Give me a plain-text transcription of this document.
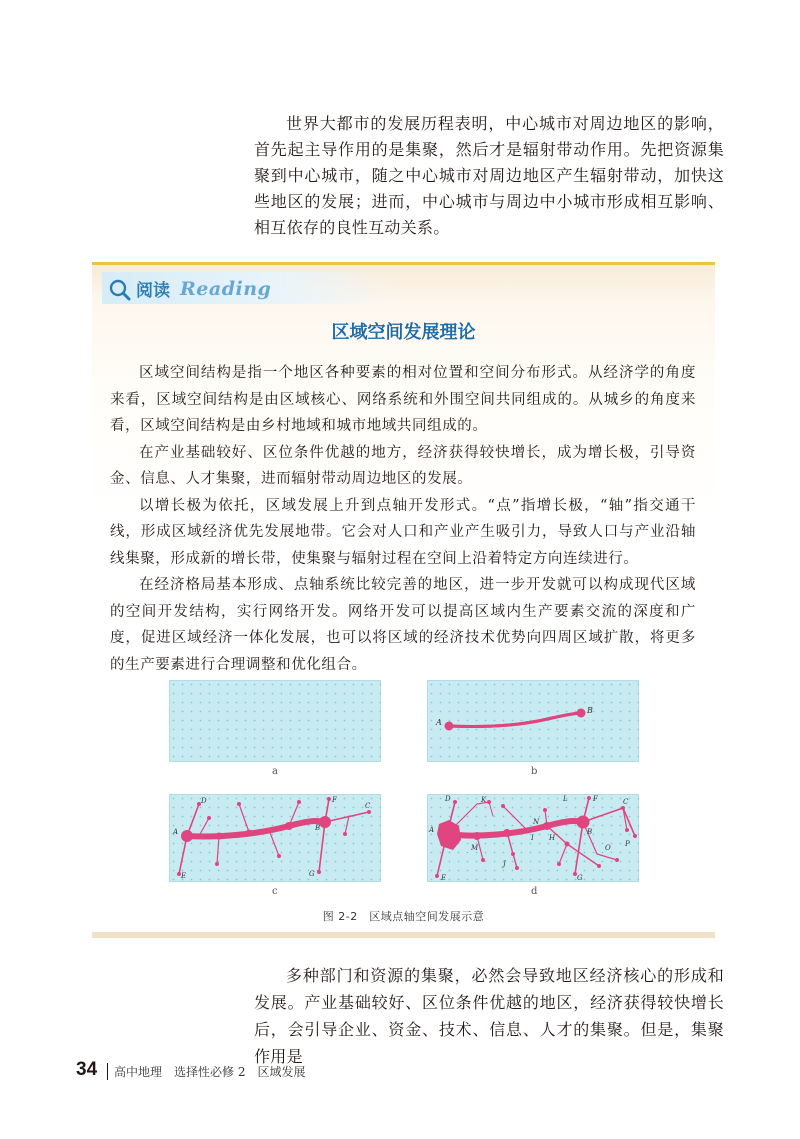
世界大都市的发展历程表明，中心城市对周边地区的影响，首先起主导作用的是集聚，然后才是辐射带动作用。先把资源集聚到中心城市，随之中心城市对周边地区产生辐射带动，加快这些地区的发展；进而，中心城市与周边中小城市形成相互影响、相互依存的良性互动关系。

阅读 Reading
区域空间发展理论

区域空间结构是指一个地区各种要素的相对位置和空间分布形式。从经济学的角度来看，区域空间结构是由区域核心、网络系统和外围空间共同组成的。从城乡的角度来看，区域空间结构是由乡村地域和城市地域共同组成的。

在产业基础较好、区位条件优越的地方，经济获得较快增长，成为增长极，引导资金、信息、人才集聚，进而辐射带动周边地区的发展。

以增长极为依托，区域发展上升到点轴开发形式。“点”指增长极，“轴”指交通干线，形成区域经济优先发展地带。它会对人口和产业产生吸引力，导致人口与产业沿轴线集聚，形成新的增长带，使集聚与辐射过程在空间上沿着特定方向连续进行。

在经济格局基本形成、点轴系统比较完善的地区，进一步开发就可以构成现代区域的空间开发结构，实行网络开发。网络开发可以提高区域内生产要素交流的深度和广度，促进区域经济一体化发展，也可以将区域的经济技术优势向四周区域扩散，将更多的生产要素进行合理调整和优化组合。

a
A
B
b
A	B
C
D
E
F
G
c
A	B
C
D
E
F
G
H
I
J
K	L
M
N
O P
d
图 2-2　区域点轴空间发展示意

多种部门和资源的集聚，必然会导致地区经济核心的形成和发展。产业基础较好、区位条件优越的地区，经济获得较快增长后，会引导企业、资金、技术、信息、人才的集聚。但是，集聚作用是

34 高中地理　选择性必修 2　区域发展
